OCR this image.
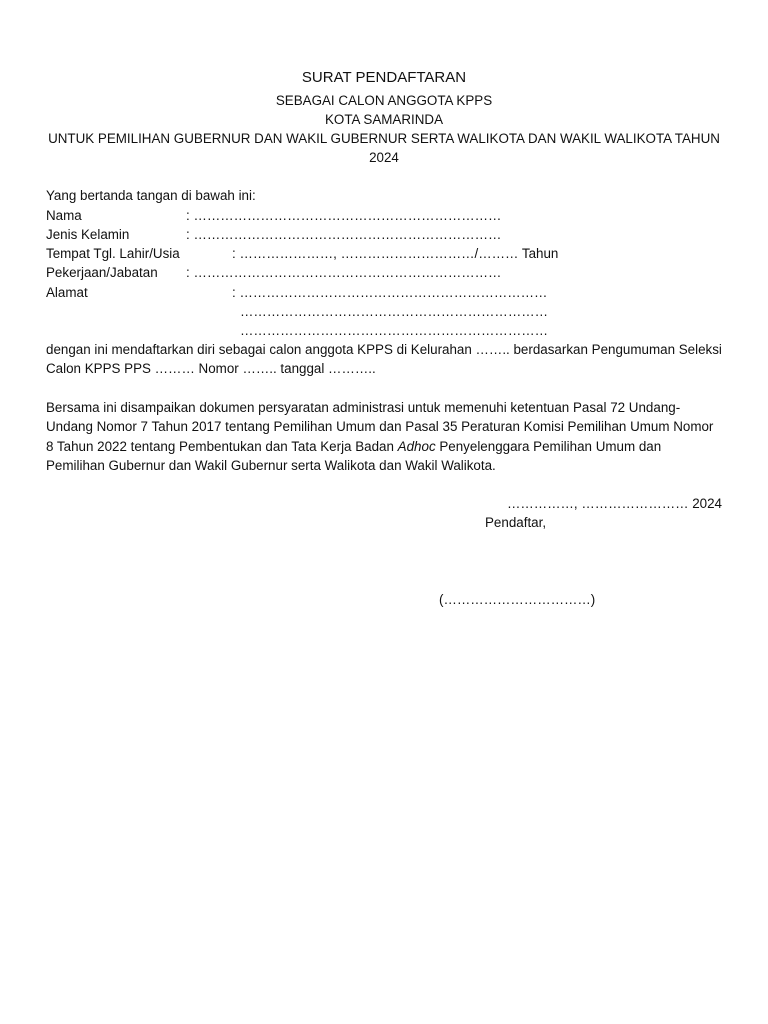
SURAT PENDAFTARAN
SEBAGAI CALON ANGGOTA KPPS
KOTA SAMARINDA
UNTUK PEMILIHAN GUBERNUR DAN WAKIL GUBERNUR SERTA WALIKOTA DAN WAKIL WALIKOTA TAHUN 2024
Yang bertanda tangan di bawah ini:
Nama	: ……………………………………………………………
Jenis Kelamin	: ……………………………………………………………
Tempat Tgl. Lahir/Usia	: …………………, …………………………/……… Tahun
Pekerjaan/Jabatan : ……………………………………………………………
Alamat	: ……………………………………………………………
……………………………………………………………
……………………………………………………………
dengan ini mendaftarkan diri sebagai calon anggota KPPS di Kelurahan …….. berdasarkan Pengumuman Seleksi Calon KPPS PPS ……… Nomor …….. tanggal ………..
Bersama ini disampaikan dokumen persyaratan administrasi untuk memenuhi ketentuan Pasal 72 Undang-Undang Nomor 7 Tahun 2017 tentang Pemilihan Umum dan Pasal 35 Peraturan Komisi Pemilihan Umum Nomor 8 Tahun 2022 tentang Pembentukan dan Tata Kerja Badan Adhoc Penyelenggara Pemilihan Umum dan Pemilihan Gubernur dan Wakil Gubernur serta Walikota dan Wakil Walikota.
……………, …………………… 2024
Pendaftar,
(……………………………)
